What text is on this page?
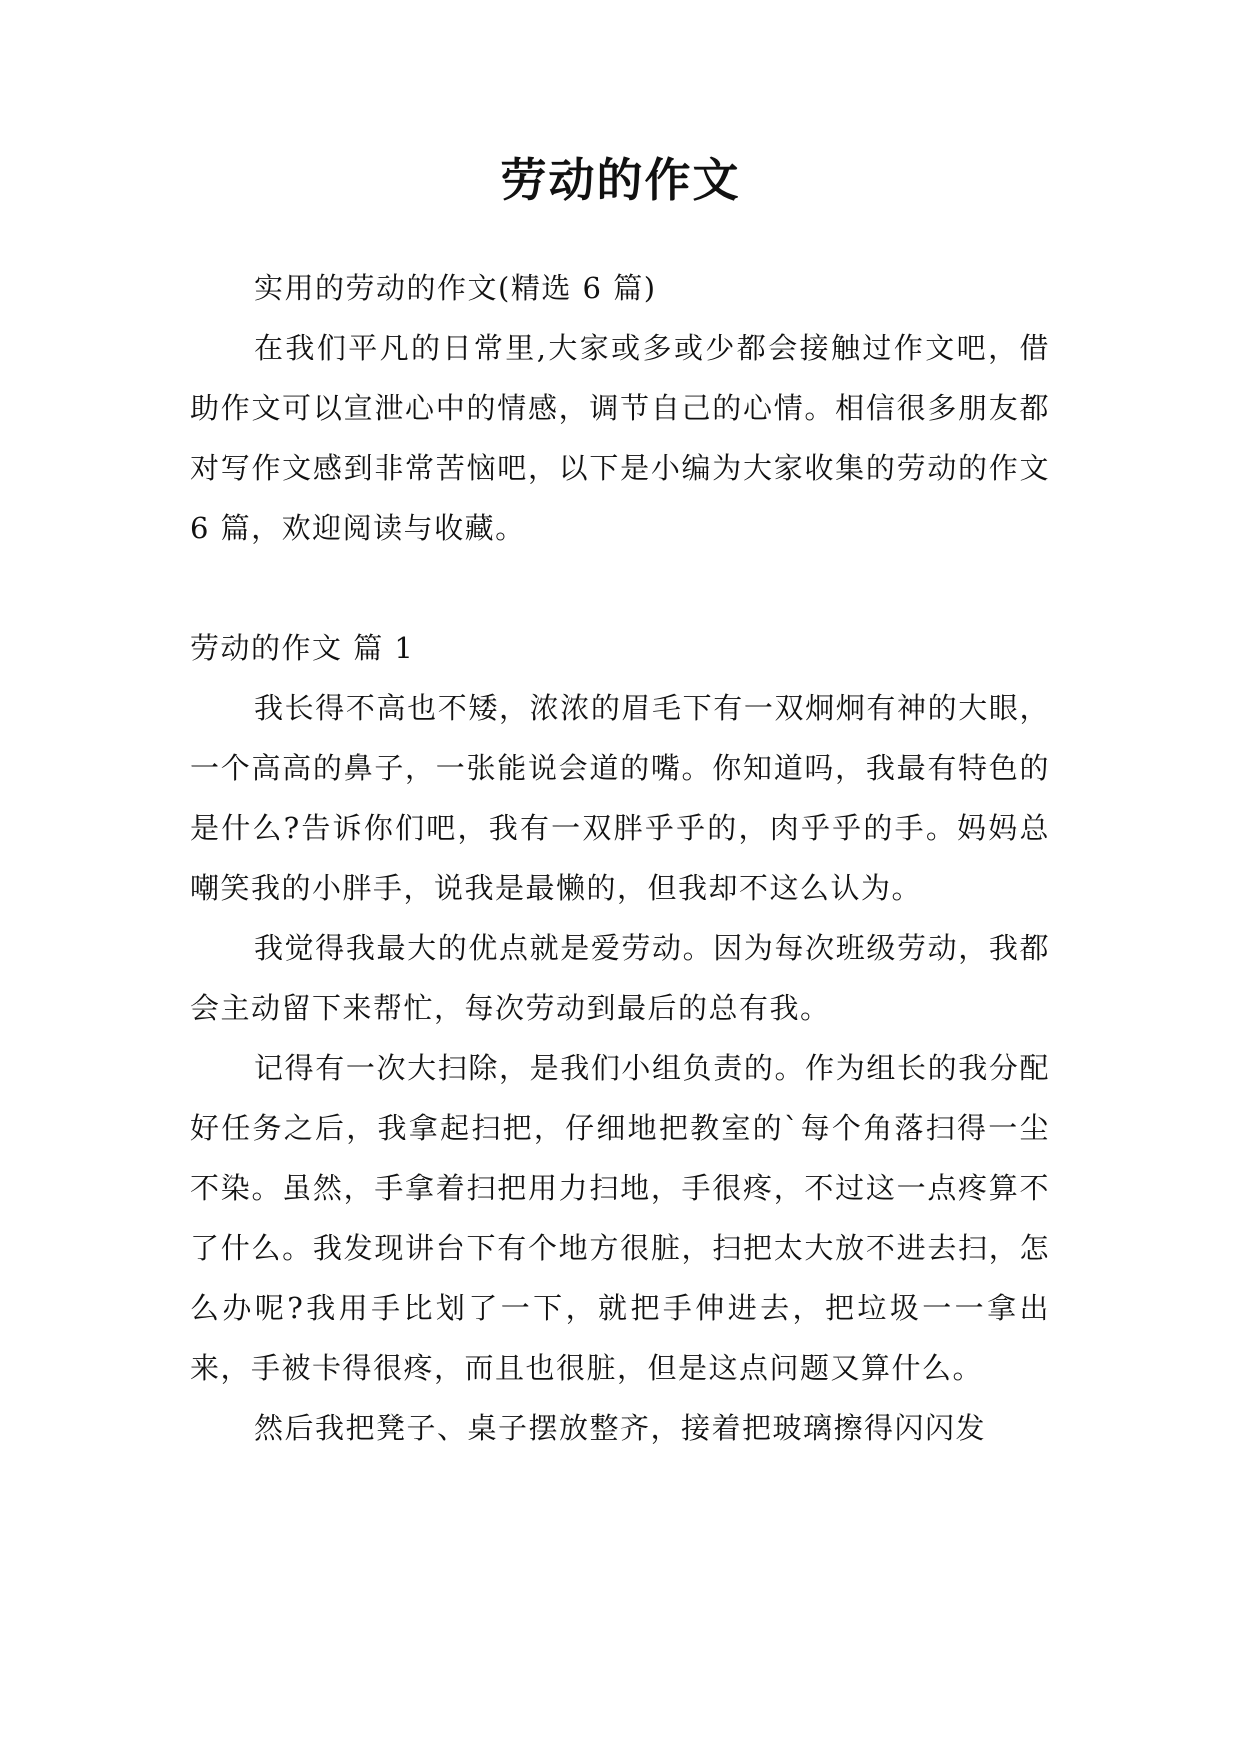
劳动的作文

实用的劳动的作文(精选 6 篇)

在我们平凡的日常里,大家或多或少都会接触过作文吧，借助作文可以宣泄心中的情感，调节自己的心情。相信很多朋友都对写作文感到非常苦恼吧，以下是小编为大家收集的劳动的作文 6 篇，欢迎阅读与收藏。

劳动的作文 篇 1

我长得不高也不矮，浓浓的眉毛下有一双炯炯有神的大眼，一个高高的鼻子，一张能说会道的嘴。你知道吗，我最有特色的是什么?告诉你们吧，我有一双胖乎乎的，肉乎乎的手。妈妈总嘲笑我的小胖手，说我是最懒的，但我却不这么认为。

我觉得我最大的优点就是爱劳动。因为每次班级劳动，我都会主动留下来帮忙，每次劳动到最后的总有我。

记得有一次大扫除，是我们小组负责的。作为组长的我分配好任务之后，我拿起扫把，仔细地把教室的`每个角落扫得一尘不染。虽然，手拿着扫把用力扫地，手很疼，不过这一点疼算不了什么。我发现讲台下有个地方很脏，扫把太大放不进去扫，怎么办呢?我用手比划了一下，就把手伸进去，把垃圾一一拿出来，手被卡得很疼，而且也很脏，但是这点问题又算什么。

然后我把凳子、桌子摆放整齐，接着把玻璃擦得闪闪发
